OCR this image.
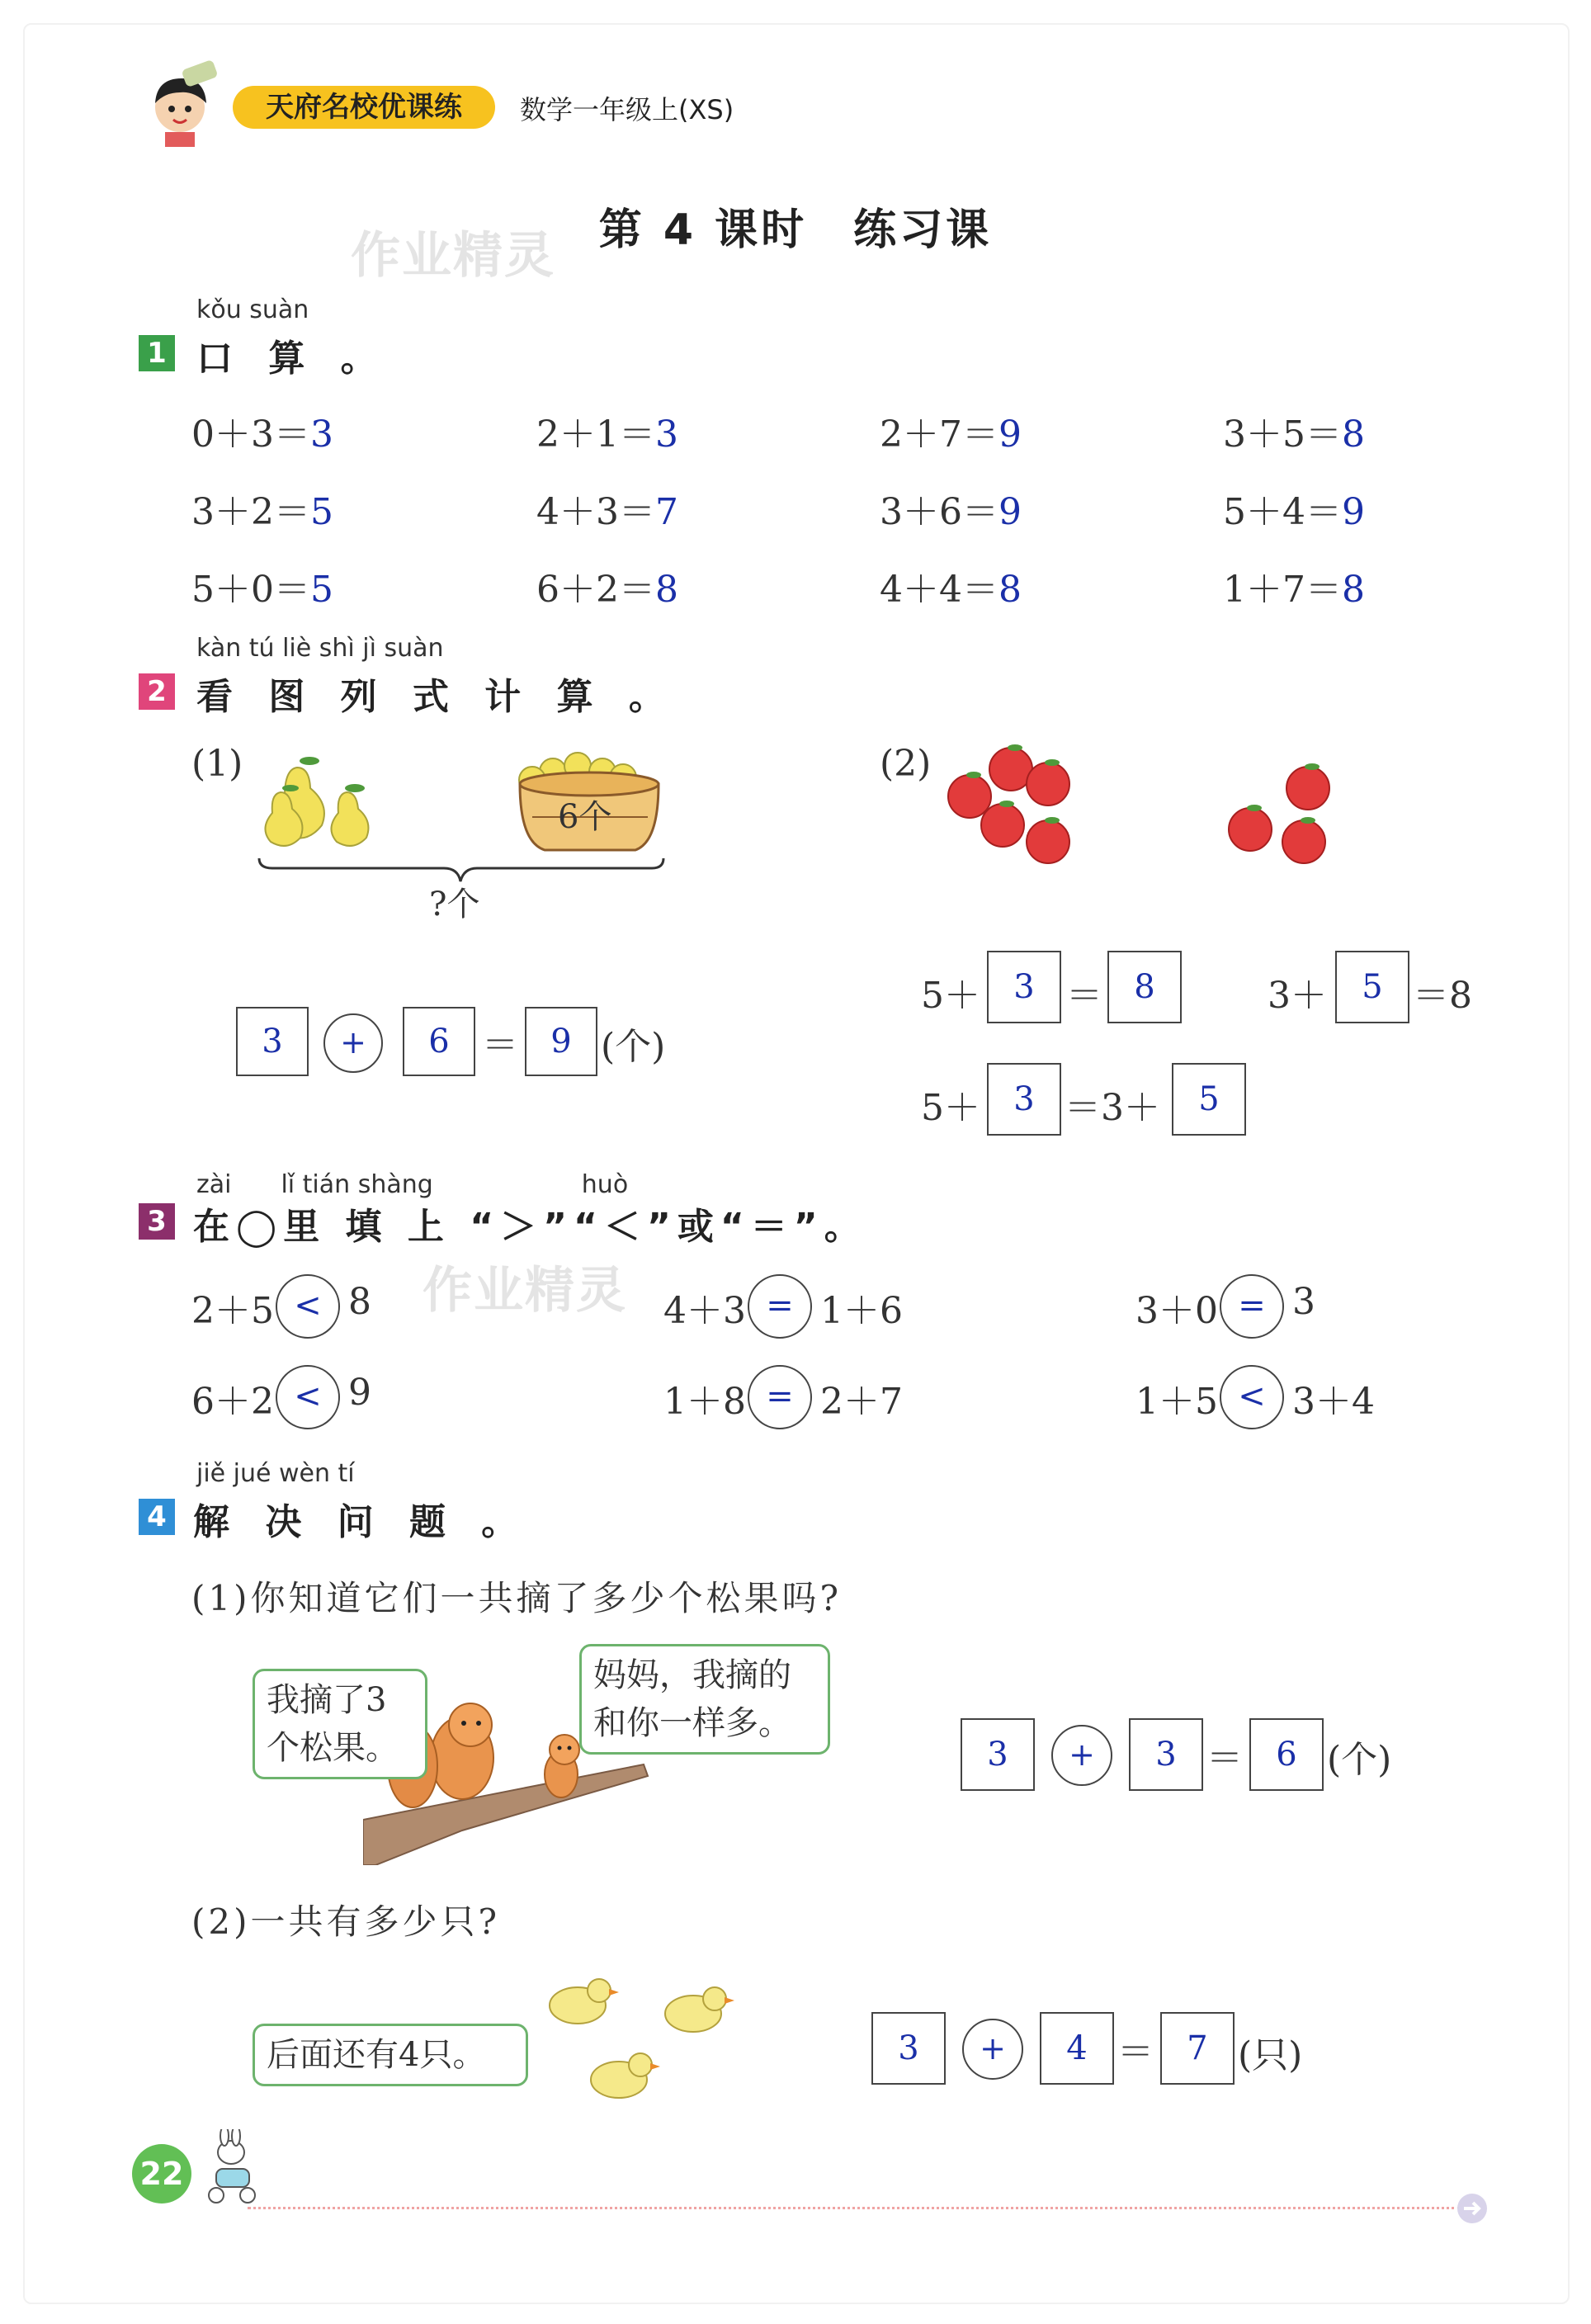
天府名校优课练	数学一年级上(XS)
第 4 课时　练习课
作业精灵
kǒu suàn
1 口 算 。
0＋3＝3	2＋1＝3	2＋7＝9	3＋5＝8
3＋2＝5	4＋3＝7	3＋6＝9	5＋4＝9
5＋0＝5	6＋2＝8	4＋4＝8	1＋7＝8
kàn tú liè shì jì suàn
2 看 图 列 式 计 算 。
(1)
6个
?个
3	+	6 ＝ 9 (个)
(2)
5＋	3 ＝ 8	3＋	5 ＝8
5＋	3 ＝3＋	5
zài　　lǐ tián shàng　　　　　　huò
3 在◯里 填 上 “＞”“＜”或“＝”。
作业精灵
2＋5 < 8	4＋3 = 1＋6	3＋0 = 3
6＋2 < 9	1＋8 = 2＋7	1＋5 < 3＋4
jiě jué wèn tí
4 解 决 问 题 。
(1)你知道它们一共摘了多少个松果吗?
我摘了3个松果。
妈妈，我摘的和你一样多。
3	+	3 ＝	6 (个)
(2)一共有多少只?
后面还有4只。	3	+	4 ＝	7 (只)
22
